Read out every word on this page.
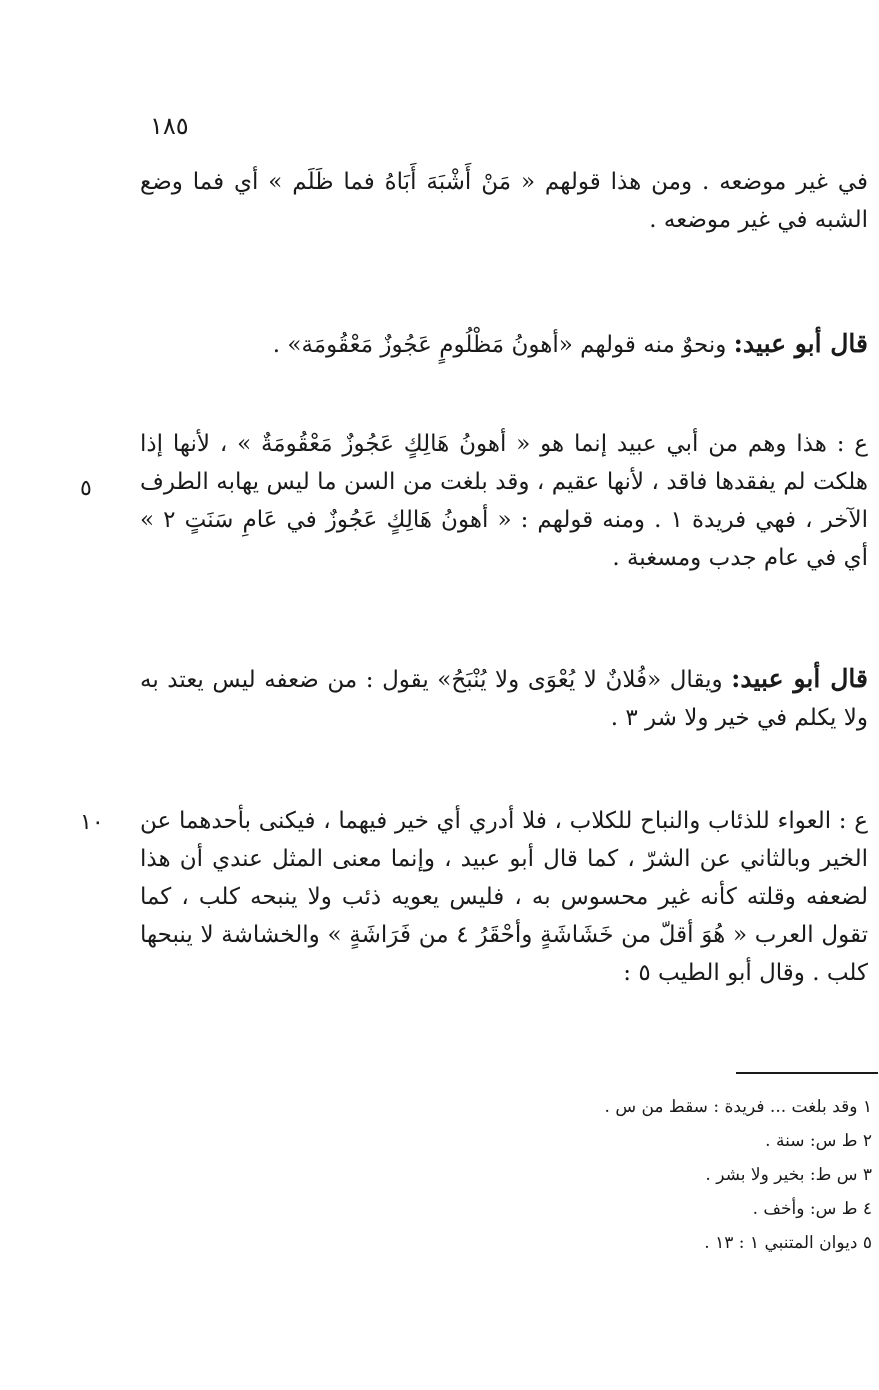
١٨٥

في غير موضعه . ومن هذا قولهم « مَنْ أَشْبَهَ أَبَاهُ فما ظَلَم » أي فما وضع الشبه في غير موضعه .

قال أبو عبيد: ونحوٌ منه قولهم «أهونُ مَظْلُومٍ عَجُوزٌ مَعْقُومَة» .

ع : هذا وهم من أبي عبيد إنما هو « أهونُ هَالِكٍ عَجُوزٌ مَعْقُومَةٌ » ، لأنها إذا هلكت لم يفقدها فاقد ، لأنها عقيم ، وقد بلغت من السن ما ليس يهابه الطرف الآخر ، فهي فريدة ١ . ومنه قولهم : « أهونُ هَالِكٍ عَجُوزٌ في عَامِ سَنَتٍ ٢ » أي في عام جدب ومسغبة .

٥

قال أبو عبيد: ويقال «فُلانٌ لا يُعْوَى ولا يُنْبَحُ» يقول : من ضعفه ليس يعتد به ولا يكلم في خير ولا شر ٣ .

ع : العواء للذئاب والنباح للكلاب ، فلا أدري أي خير فيهما ، فيكنى بأحدهما عن الخير وبالثاني عن الشرّ ، كما قال أبو عبيد ، وإنما معنى المثل عندي أن هذا لضعفه وقلته كأنه غير محسوس به ، فليس يعويه ذئب ولا ينبحه كلب ، كما تقول العرب « هُوَ أقلّ من خَشَاشَةٍ وأحْقَرُ ٤ من فَرَاشَةٍ » والخشاشة لا ينبحها كلب . وقال أبو الطيب ٥ :

١٠
١ وقد بلغت ... فريدة : سقط من س .
٢ ط س: سنة .
٣ س ط: بخير ولا بشر .
٤ ط س: وأخف .
٥ ديوان المتنبي ١ : ١٣ .
